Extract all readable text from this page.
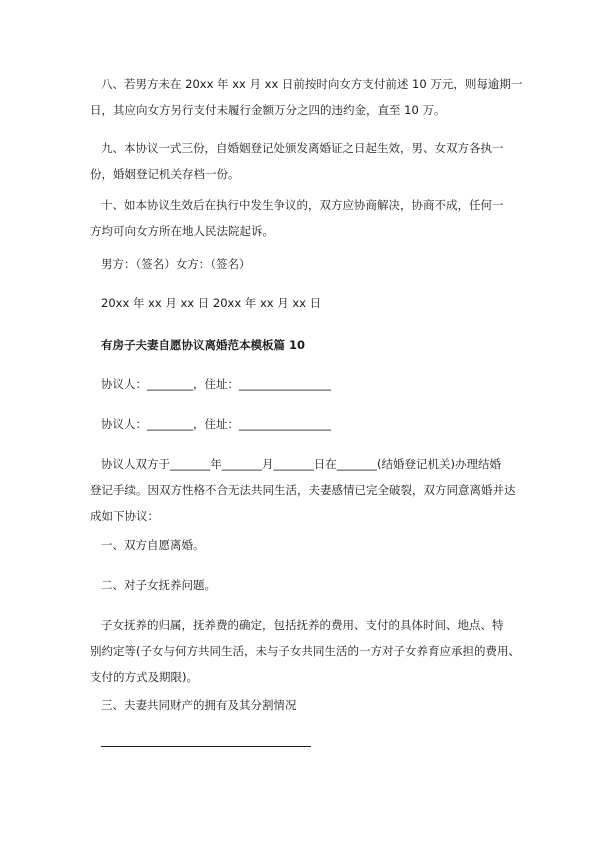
八、若男方未在 20xx 年 xx 月 xx 日前按时向女方支付前述 10 万元，则每逾期一
日，其应向女方另行支付未履行金额万分之四的违约金，直至 10 万。

九、本协议一式三份，自婚姻登记处颁发离婚证之日起生效，男、女双方各执一
份，婚姻登记机关存档一份。

十、如本协议生效后在执行中发生争议的，双方应协商解决，协商不成，任何一
方均可向女方所在地人民法院起诉。

男方：（签名）女方：（签名）

20xx 年 xx 月 xx 日 20xx 年 xx 月 xx 日

有房子夫妻自愿协议离婚范本模板篇 10

协议人：________，住址：________________

协议人：________，住址：________________

协议人双方于_______年_______月_______日在_______(结婚登记机关)办理结婚
登记手续。因双方性格不合无法共同生活，夫妻感情已完全破裂，双方同意离婚并达
成如下协议：

一、双方自愿离婚。

二、对子女抚养问题。

子女抚养的归属，抚养费的确定，包括抚养的费用、支付的具体时间、地点、特
别约定等(子女与何方共同生活，未与子女共同生活的一方对子女养育应承担的费用、
支付的方式及期限)。

三、夫妻共同财产的拥有及其分割情况
